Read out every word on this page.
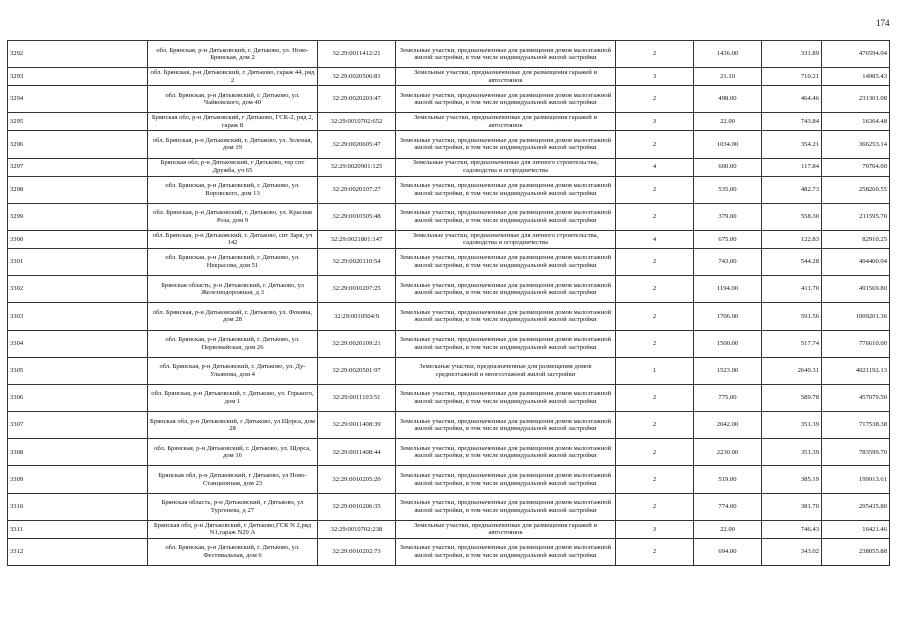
174
3292	обл. Брянская, р-н Дятьковский, г. Дятьково, ул. Ново-Брянская, дом 2	32:29:0011412:21	Земельные участки, предназначенные для размещения домов малоэтажной жилой застройки, в том числе индивидуальной жилой застройки	2	1436.00	331.89	476594.04
3293	обл. Брянская, р-н Дятьковский, г. Дятьково, гараж 44, ряд 2	32:29:0020506:81	Земельные участки, предназначенные для размещения гаражей и автостоянок	3	21.10	710.21	14985.43
3294	обл. Брянская, р-н Дятьковский, г. Дятьково, ул. Чайковского, дом 40	32:29:0020203:47	Земельные участки, предназначенные для размещения домов малоэтажной жилой застройки, в том числе индивидуальной жилой застройки	2	498.00	464.46	231301.08
3295	Брянская обл, р-н Дятьковский, г Дятьково, ГСК-2, ряд 2, гараж 8	32:29:0010702:652	Земельные участки, предназначенные для размещения гаражей и автостоянок	3	22.00	743.84	16364.48
3296	обл. Брянская, р-н Дятьковский, г. Дятьково, ул. Зеленая, дом 19	32:29:0020605:47	Земельные участки, предназначенные для размещения домов малоэтажной жилой застройки, в том числе индивидуальной жилой застройки	2	1034.00	354.21	366253.14
3297	Брянская обл, р-н Дятьковский, г Дятьково, тер снт Дружба, уч 65	32:29:0020901:125	Земельные участки, предназначенные для личного строительства, садоводства и огородничества	4	600.00	117.84	70704.00
3298	обл. Брянская, р-н Дятьковский, г. Дятьково, ул. Воровского, дом 13	32:29:0020107:27	Земельные участки, предназначенные для размещения домов малоэтажной жилой застройки, в том числе индивидуальной жилой застройки	2	535.00	482.73	258260.55
3299	обл. Брянская, р-н Дятьковский, г. Дятьково, ул. Красная Роза, дом 9	32:29:0010505:48	Земельные участки, предназначенные для размещения домов малоэтажной жилой застройки, в том числе индивидуальной жилой застройки	2	379.00	558.30	211595.70
3300	обл. Брянская, р-н Дятьковский, г. Дятьково, снт Заря, уч 142	32:29:0021801:147	Земельные участки, предназначенные для личного строительства, садоводства и огородничества	4	675.00	122.83	82910.25
3301	обл. Брянская, р-н Дятьковский, г. Дятьково, ул. Некрасова, дом 51	32:29:0020110:54	Земельные участки, предназначенные для размещения домов малоэтажной жилой застройки, в том числе индивидуальной жилой застройки	2	743.00	544.28	404400.04
3302	Брянская область, р-н Дятьковский, г. Дятьково, ул Железнодорожная, д 3	32:29:0010207:25	Земельные участки, предназначенные для размещения домов малоэтажной жилой застройки, в том числе индивидуальной жилой застройки	2	1194.00	411.70	491569.80
3303	обл. Брянская, р-н Дятьковский, г. Дятьково, ул. Фокина, дом 28	32:29:0010504:9	Земельные участки, предназначенные для размещения домов малоэтажной жилой застройки, в том числе индивидуальной жилой застройки	2	1706.00	591.56	1009201.36
3304	обл. Брянская, р-н Дятьковский, г. Дятьково, ул. Первомайская, дом 26	32:29:0020109:21	Земельные участки, предназначенные для размещения домов малоэтажной жилой застройки, в том числе индивидуальной жилой застройки	2	1500.00	517.74	776610.00
3305	обл. Брянская, р-н Дятьковский, г. Дятьково, ул. Ду-Ульянова, дом 4	32:29:0020501:97	Земельные участки, предназначенные для размещения домов среднеэтажной и многоэтажной жилой застройки	1	1523.00	2640.31	4021192.13
3306	обл. Брянская, р-н Дятьковский, г. Дятьково, ул. Горького, дом 1	32:29:0011103:51	Земельные участки, предназначенные для размещения домов малоэтажной жилой застройки, в том числе индивидуальной жилой застройки	2	775.00	589.78	457079.50
3307	Брянская обл, р-н Дятьковский, г Дятьково, ул Щорса, дом 28	32:29:0011408:39	Земельные участки, предназначенные для размещения домов малоэтажной жилой застройки, в том числе индивидуальной жилой застройки	2	2042.00	351.39	717538.38
3308	обл. Брянская, р-н Дятьковский, г. Дятьково, ул. Щорса, дом 16	32:29:0011408:44	Земельные участки, предназначенные для размещения домов малоэтажной жилой застройки, в том числе индивидуальной жилой застройки	2	2230.00	351.39	783599.70
3309	Брянская обл, р-н Дятьковский, г Дятьково, ул Ново-Станционная, дом 23	32:29:0010205:20	Земельные участки, предназначенные для размещения домов малоэтажной жилой застройки, в том числе индивидуальной жилой застройки	2	519.00	385.19	199913.61
3310	Брянская область, р-н Дятьковский, г Дятьково, ул Тургенева, д 27	32:29:0010206:35	Земельные участки, предназначенные для размещения домов малоэтажной жилой застройки, в том числе индивидуальной жилой застройки	2	774.00	381.70	295435.80
3311	Брянская обл, р-н Дятьковский, г Дятьково,ГСК N 2,ряд N1,гараж N29 А	32:29:0010702:238	Земельные участки, предназначенные для размещения гаражей и автостоянок	3	22.00	746.43	16421.46
3312	обл. Брянская, р-н Дятьковский, г. Дятьково, ул. Фестивальная, дом 6	32:29:0010202:73	Земельные участки, предназначенные для размещения домов малоэтажной жилой застройки, в том числе индивидуальной жилой застройки	2	694.00	343.02	238055.88
